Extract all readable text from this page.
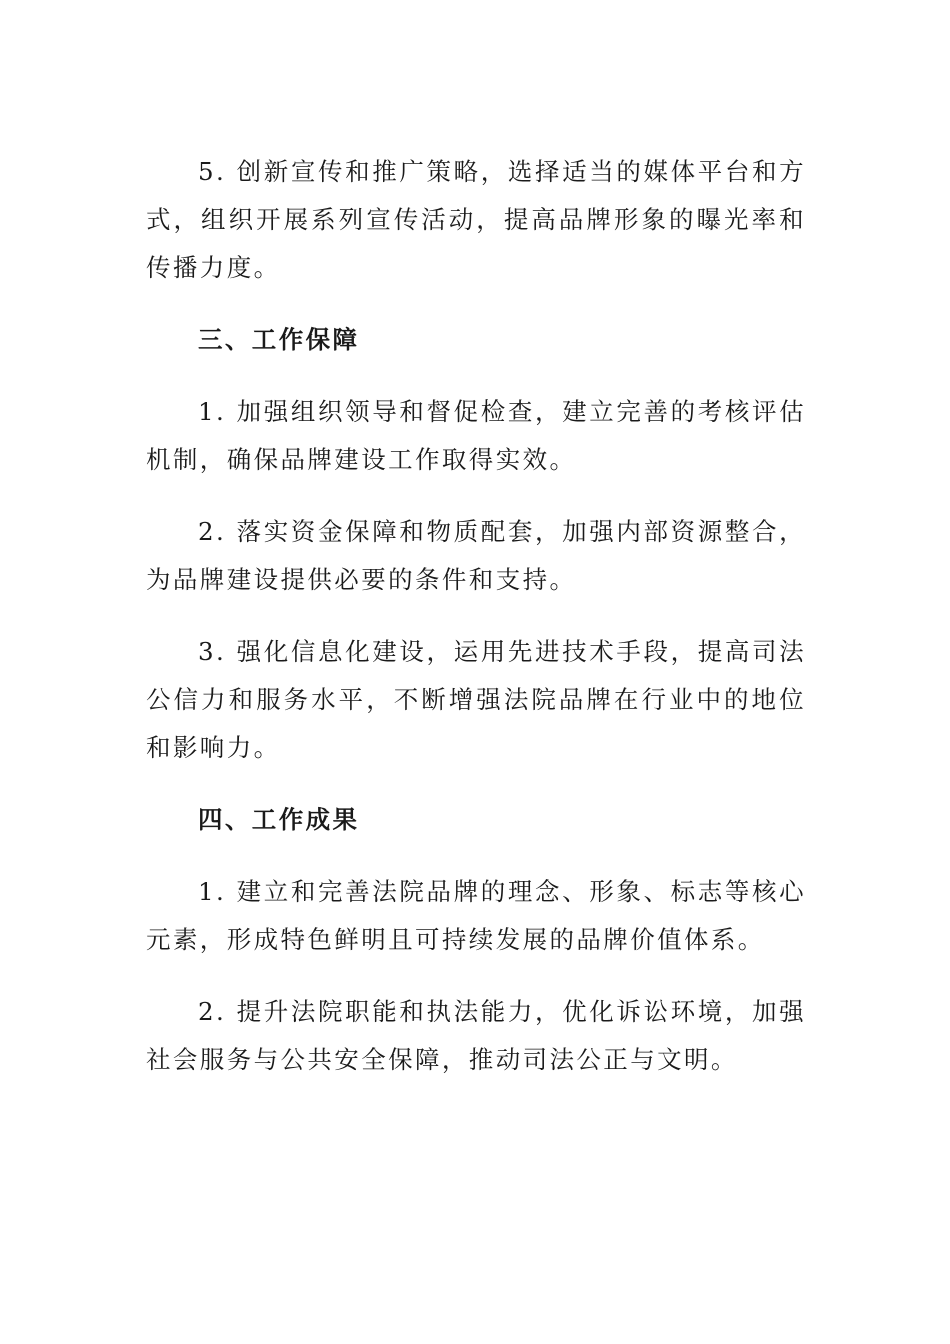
5. 创新宣传和推广策略，选择适当的媒体平台和方式，组织开展系列宣传活动，提高品牌形象的曝光率和传播力度。

三、工作保障

1. 加强组织领导和督促检查，建立完善的考核评估机制，确保品牌建设工作取得实效。

2. 落实资金保障和物质配套，加强内部资源整合，为品牌建设提供必要的条件和支持。

3. 强化信息化建设，运用先进技术手段，提高司法公信力和服务水平，不断增强法院品牌在行业中的地位和影响力。

四、工作成果

1. 建立和完善法院品牌的理念、形象、标志等核心元素，形成特色鲜明且可持续发展的品牌价值体系。

2. 提升法院职能和执法能力，优化诉讼环境，加强社会服务与公共安全保障，推动司法公正与文明。
